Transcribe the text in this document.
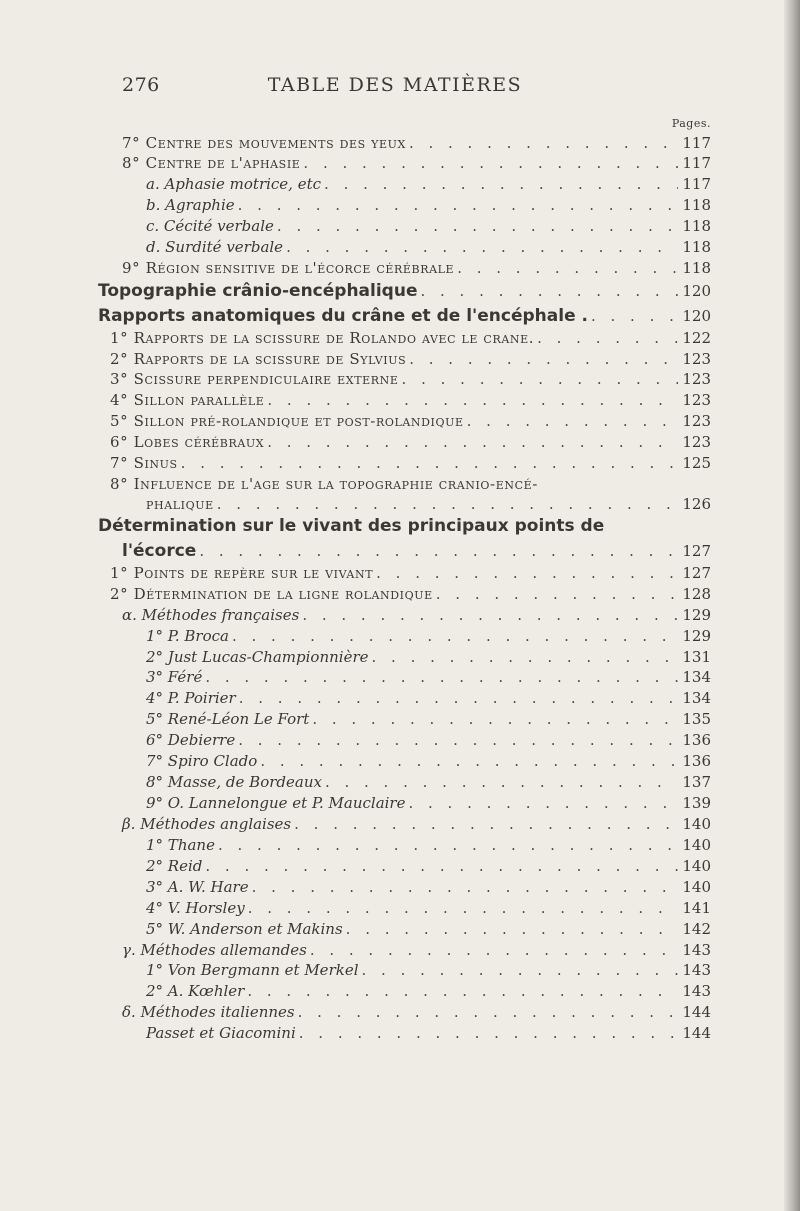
276	TABLE DES MATIÈRES
Pages.
7° Centre des mouvements des yeux . . .	117
8° Centre de l'aphasie . . .	117
a. Aphasie motrice, etc . . .	117
b. Agraphie . . .	118
c. Cécité verbale . . .	118
d. Surdité verbale . . .	118
9° Région sensitive de l'écorce cérébrale . . .	118
Topographie crânio-encéphalique . . .	120
Rapports anatomiques du crâne et de l'encéphale . . . .	120
1° Rapports de la scissure de Rolando avec le crane. . . .	122
2° Rapports de la scissure de Sylvius . . .	123
3° Scissure perpendiculaire externe . . .	123
4° Sillon parallèle . . .	123
5° Sillon pré-rolandique et post-rolandique . . .	123
6° Lobes cérébraux . . .	123
7° Sinus . . .	125
8° Influence de l'age sur la topographie cranio-encé-
phalique . . .	126
Détermination sur le vivant des principaux points de
l'écorce . . .	127
1° Points de repère sur le vivant . . .	127
2° Détermination de la ligne rolandique . . .	128
α. Méthodes françaises . . .	129
1° P. Broca . . .	129
2° Just Lucas-Championnière . . .	131
3° Féré . . .	134
4° P. Poirier . . .	134
5° René-Léon Le Fort . . .	135
6° Debierre . . .	136
7° Spiro Clado . . .	136
8° Masse, de Bordeaux . . .	137
9° O. Lannelongue et P. Mauclaire . . .	139
β. Méthodes anglaises . . .	140
1° Thane . . .	140
2° Reid . . .	140
3° A. W. Hare . . .	140
4° V. Horsley . . .	141
5° W. Anderson et Makins . . .	142
γ. Méthodes allemandes . . .	143
1° Von Bergmann et Merkel . . .	143
2° A. Kœhler . . .	143
δ. Méthodes italiennes . . .	144
Passet et Giacomini . . .	144
